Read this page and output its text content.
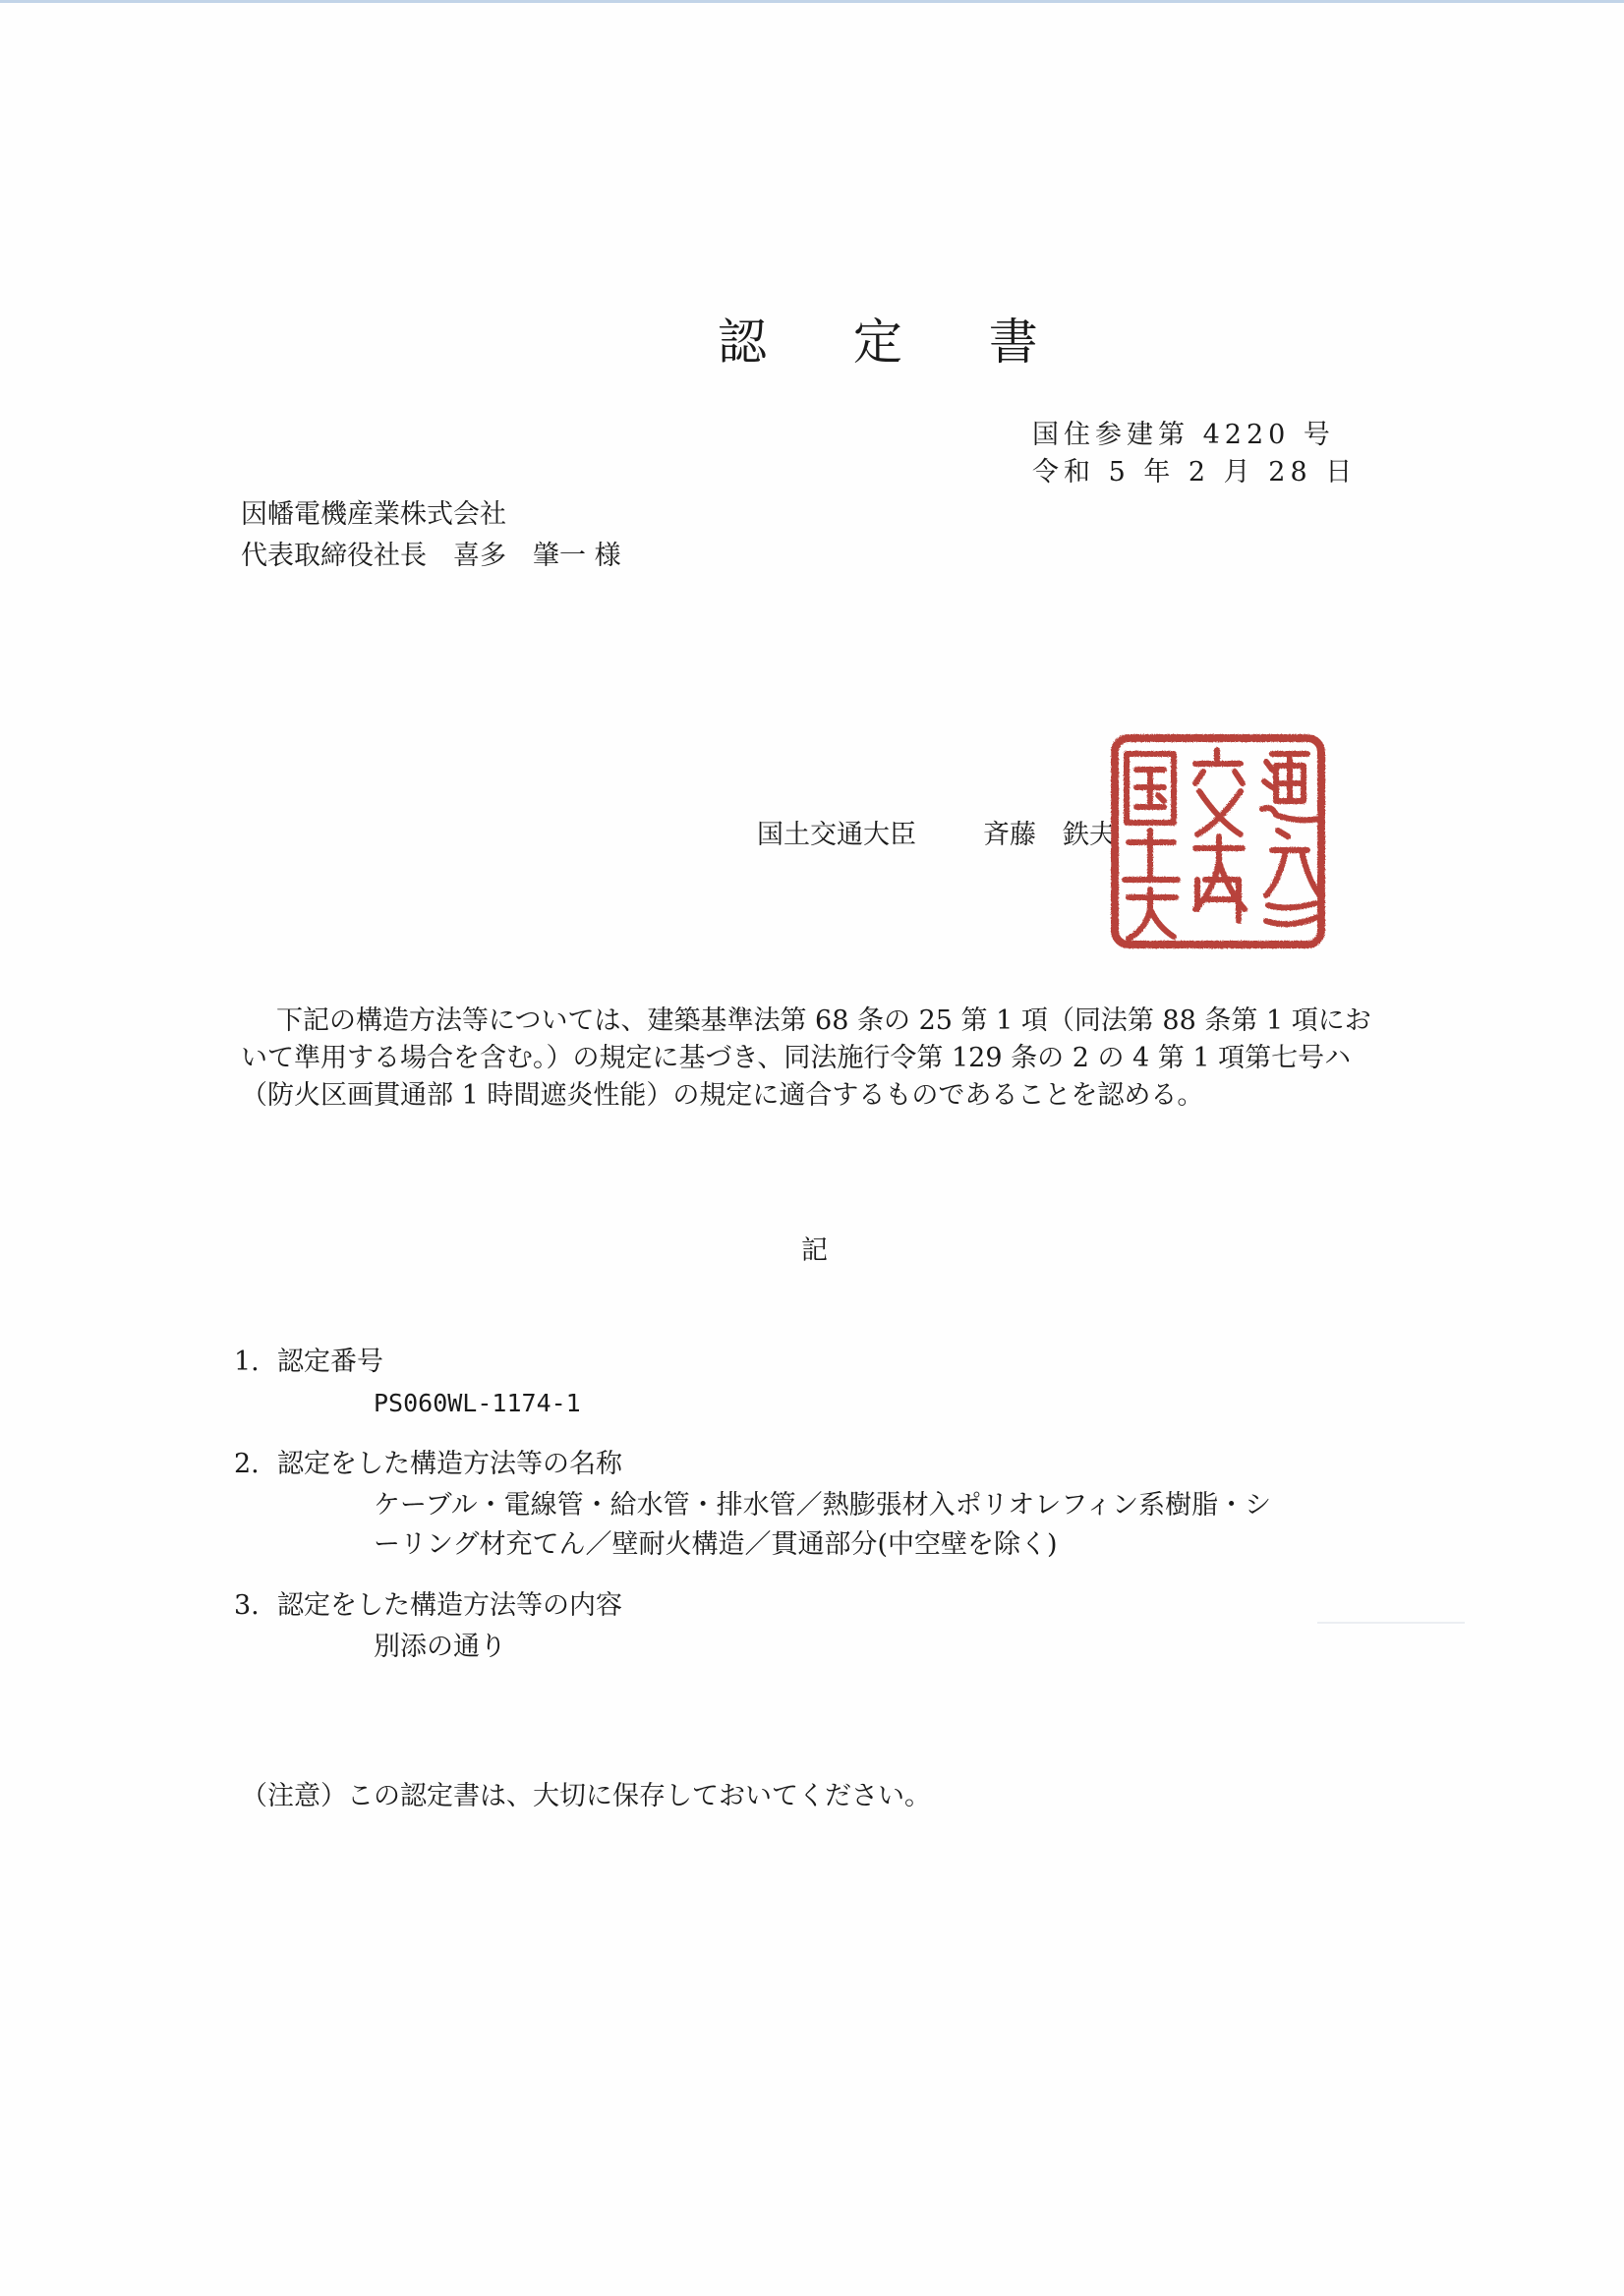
認 定 書
国住参建第 4220 号
令和 5 年 2 月 28 日
因幡電機産業株式会社
代表取締役社長　喜多　肇一 様
国土交通大臣	斉藤　鉄夫
下記の構造方法等については、建築基準法第 68 条の 25 第 1 項（同法第 88 条第 1 項にお
いて準用する場合を含む。）の規定に基づき、同法施行令第 129 条の 2 の 4 第 1 項第七号ハ
（防火区画貫通部 1 時間遮炎性能）の規定に適合するものであることを認める。
記
1. 認定番号
PS060WL-1174-1
2. 認定をした構造方法等の名称
ケーブル・電線管・給水管・排水管／熱膨張材入ポリオレフィン系樹脂・シ
ーリング材充てん／壁耐火構造／貫通部分(中空壁を除く)
3. 認定をした構造方法等の内容
別添の通り
（注意）この認定書は、大切に保存しておいてください。
